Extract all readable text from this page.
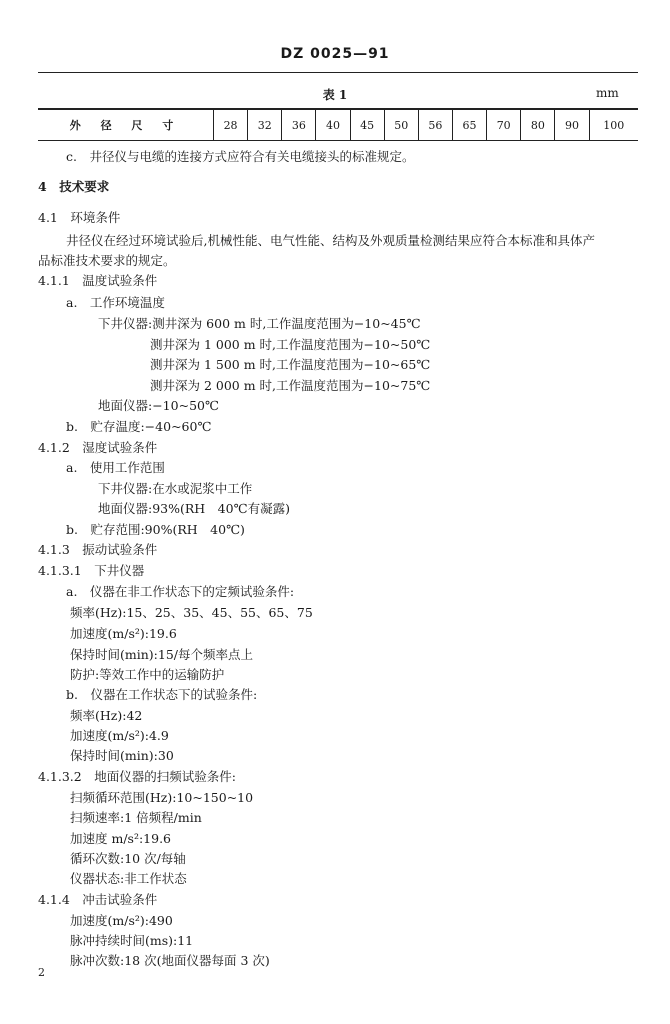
DZ 0025—91
表 1	mm
外 径 尺 寸	28	32	36	40	45	50	56	65	70	80	90	100
c.　井径仪与电缆的连接方式应符合有关电缆接头的标准规定。
4　技术要求
4.1　环境条件
井径仪在经过环境试验后,机械性能、电气性能、结构及外观质量检测结果应符合本标准和具体产
品标准技术要求的规定。
4.1.1　温度试验条件
a.　工作环境温度
下井仪器:测井深为 600 m 时,工作温度范围为−10~45℃
测井深为 1 000 m 时,工作温度范围为−10~50℃
测井深为 1 500 m 时,工作温度范围为−10~65℃
测井深为 2 000 m 时,工作温度范围为−10~75℃
地面仪器:−10~50℃
b.　贮存温度:−40~60℃
4.1.2　湿度试验条件
a.　使用工作范围
下井仪器:在水或泥浆中工作
地面仪器:93%(RH　40℃有凝露)
b.　贮存范围:90%(RH　40℃)
4.1.3　振动试验条件
4.1.3.1　下井仪器
a.　仪器在非工作状态下的定频试验条件:
频率(Hz):15、25、35、45、55、65、75
加速度(m/s²):19.6
保持时间(min):15/每个频率点上
防护:等效工作中的运输防护
b.　仪器在工作状态下的试验条件:
频率(Hz):42
加速度(m/s²):4.9
保持时间(min):30
4.1.3.2　地面仪器的扫频试验条件:
扫频循环范围(Hz):10~150~10
扫频速率:1 倍频程/min
加速度 m/s²:19.6
循环次数:10 次/每轴
仪器状态:非工作状态
4.1.4　冲击试验条件
加速度(m/s²):490
脉冲持续时间(ms):11
脉冲次数:18 次(地面仪器每面 3 次)
2
